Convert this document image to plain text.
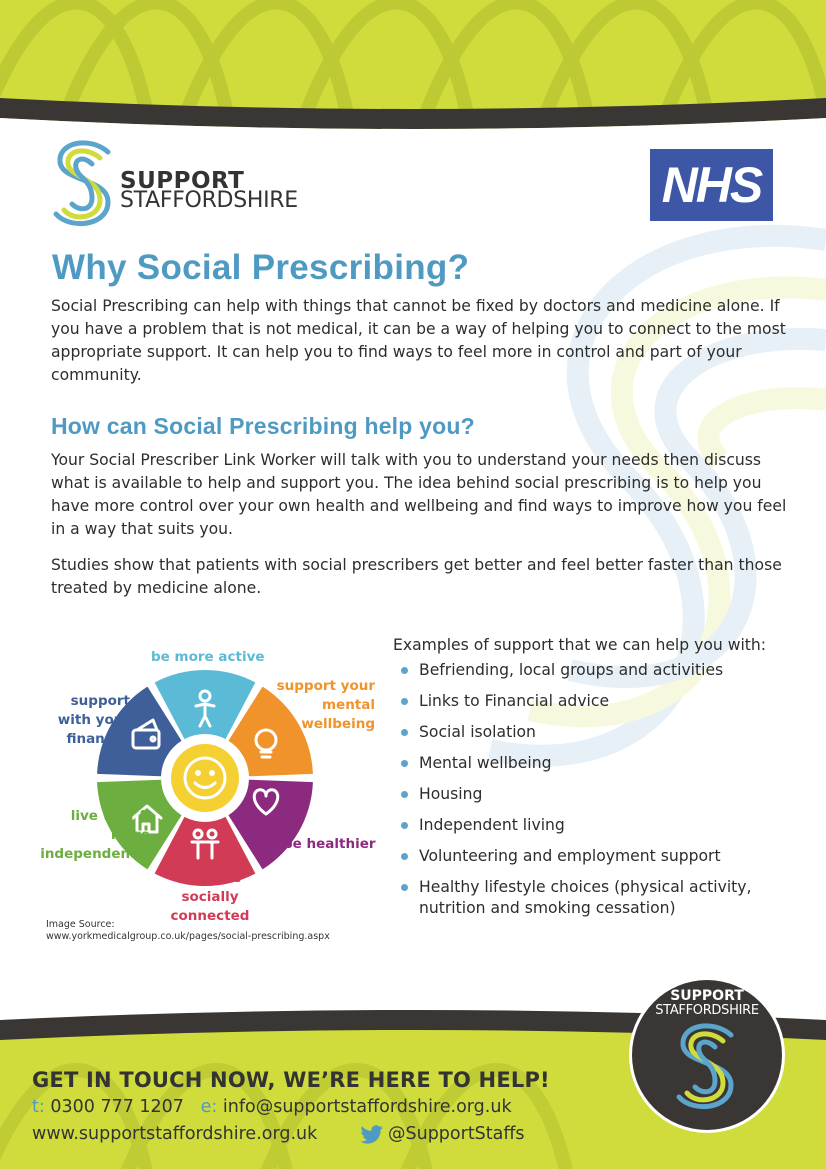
SUPPORT
STAFFORDSHIRE	NHS
Why Social Prescribing?
Social Prescribing can help with things that cannot be fixed by doctors and medicine alone. If you have a problem that is not medical, it can be a way of helping you to connect to the most appropriate support. It can help you to find ways to feel more in control and part of your community.
How can Social Prescribing help you?
Your Social Prescriber Link Worker will talk with you to understand your needs then discuss what is available to help and support you. The idea behind social prescribing is to help you have more control over your own health and wellbeing and find ways to improve how you feel in a way that suits you.
Studies show that patients with social prescribers get better and feel better faster than those treated by medicine alone.
be more active
support with your finances
support your mental wellbeing
live well & more independently
be healthier
be more socially connected
Image Source:
www.yorkmedicalgroup.co.uk/pages/social-prescribing.aspx
Examples of support that we can help you with:
Befriending, local groups and activities
Links to Financial advice
Social isolation
Mental wellbeing
Housing
Independent living
Volunteering and employment support
Healthy lifestyle choices (physical activity, nutrition and smoking cessation)
GET IN TOUCH NOW, WE’RE HERE TO HELP!
t: 0300 777 1207 e: info@supportstaffordshire.org.uk
www.supportstaffordshire.org.uk	@SupportStaffs
SUPPORT
STAFFORDSHIRE
